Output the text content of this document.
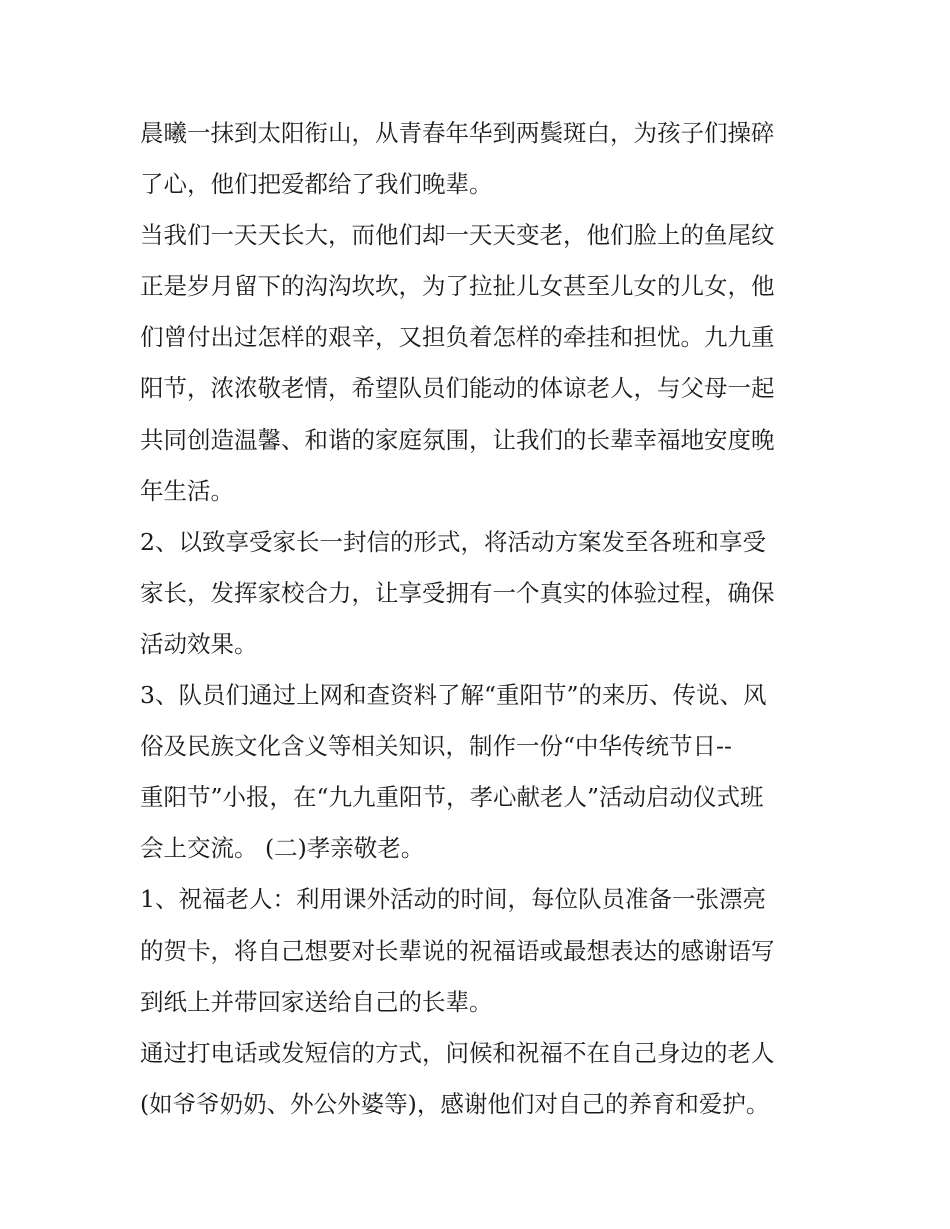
晨曦一抹到太阳衔山，从青春年华到两鬓斑白，为孩子们操碎
了心，他们把爱都给了我们晚辈。
当我们一天天长大，而他们却一天天变老，他们脸上的鱼尾纹
正是岁月留下的沟沟坎坎，为了拉扯儿女甚至儿女的儿女，他
们曾付出过怎样的艰辛，又担负着怎样的牵挂和担忧。九九重
阳节，浓浓敬老情，希望队员们能动的体谅老人，与父母一起
共同创造温馨、和谐的家庭氛围，让我们的长辈幸福地安度晚
年生活。
2、以致享受家长一封信的形式，将活动方案发至各班和享受
家长，发挥家校合力，让享受拥有一个真实的体验过程，确保
活动效果。
3、队员们通过上网和查资料了解“重阳节”的来历、传说、风
俗及民族文化含义等相关知识，制作一份“中华传统节日--
重阳节”小报，在“九九重阳节，孝心献老人”活动启动仪式班
会上交流。 (二)孝亲敬老。
1、祝福老人：利用课外活动的时间，每位队员准备一张漂亮
的贺卡，将自己想要对长辈说的祝福语或最想表达的感谢语写
到纸上并带回家送给自己的长辈。
通过打电话或发短信的方式，问候和祝福不在自己身边的老人
(如爷爷奶奶、外公外婆等)，感谢他们对自己的养育和爱护。
